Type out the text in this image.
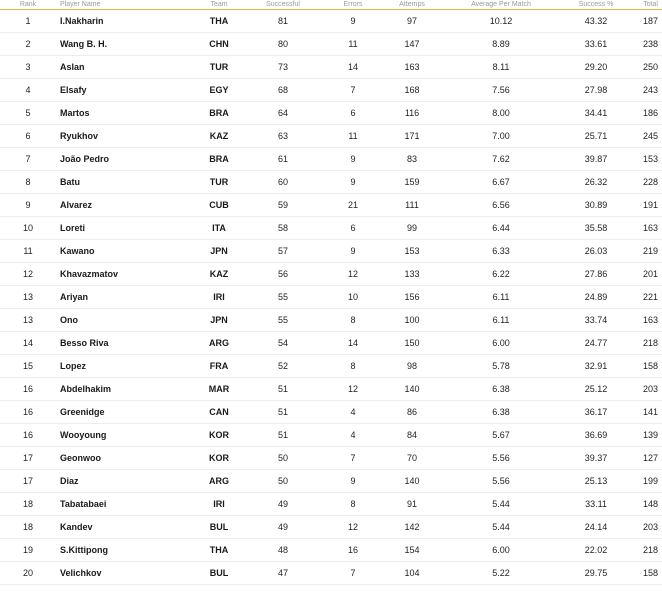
Rank	Player Name	Team	Successful	Errors	Attemps	Average Per Match	Success %	Total
1	I.Nakharin	THA	81	9	97	10.12	43.32	187
2	Wang B. H.	CHN	80	11	147	8.89	33.61	238
3	Aslan	TUR	73	14	163	8.11	29.20	250
4	Elsafy	EGY	68	7	168	7.56	27.98	243
5	Martos	BRA	64	6	116	8.00	34.41	186
6	Ryukhov	KAZ	63	11	171	7.00	25.71	245
7	João Pedro	BRA	61	9	83	7.62	39.87	153
8	Batu	TUR	60	9	159	6.67	26.32	228
9	Alvarez	CUB	59	21	111	6.56	30.89	191
10	Loreti	ITA	58	6	99	6.44	35.58	163
11	Kawano	JPN	57	9	153	6.33	26.03	219
12	Khavazmatov	KAZ	56	12	133	6.22	27.86	201
13	Ariyan	IRI	55	10	156	6.11	24.89	221
13	Ono	JPN	55	8	100	6.11	33.74	163
14	Besso Riva	ARG	54	14	150	6.00	24.77	218
15	Lopez	FRA	52	8	98	5.78	32.91	158
16	Abdelhakim	MAR	51	12	140	6.38	25.12	203
16	Greenidge	CAN	51	4	86	6.38	36.17	141
16	Wooyoung	KOR	51	4	84	5.67	36.69	139
17	Geonwoo	KOR	50	7	70	5.56	39.37	127
17	Diaz	ARG	50	9	140	5.56	25.13	199
18	Tabatabaei	IRI	49	8	91	5.44	33.11	148
18	Kandev	BUL	49	12	142	5.44	24.14	203
19	S.Kittipong	THA	48	16	154	6.00	22.02	218
20	Velichkov	BUL	47	7	104	5.22	29.75	158
